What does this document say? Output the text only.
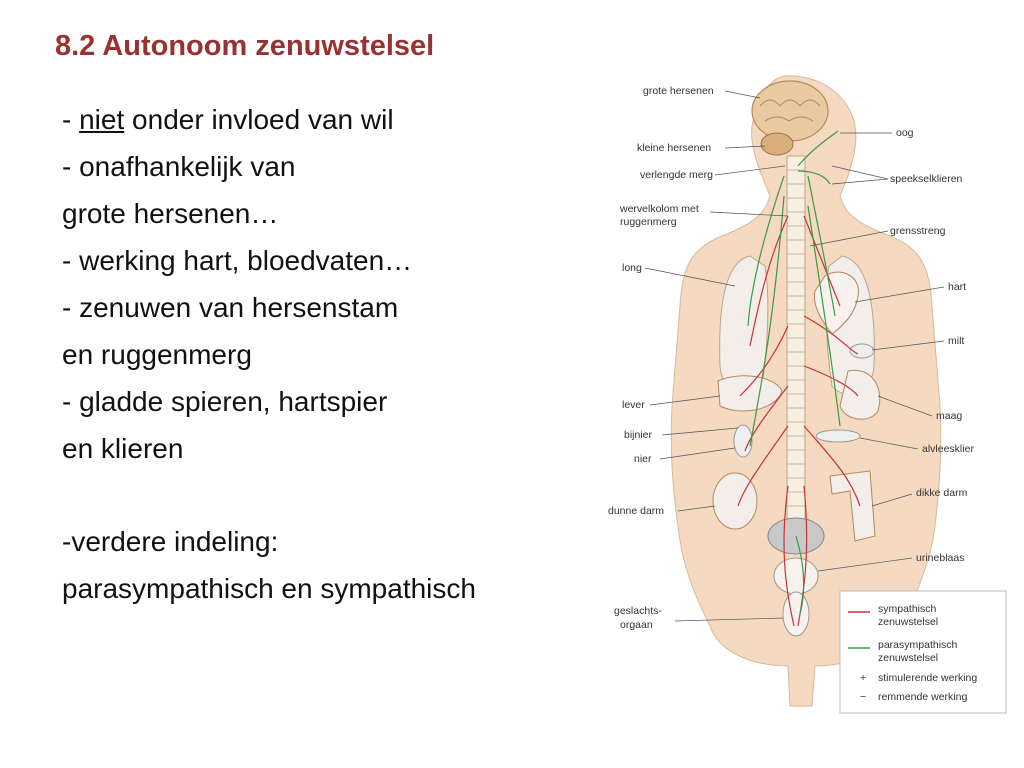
8.2 Autonoom zenuwstelsel
- niet onder invloed van wil
- onafhankelijk van
grote hersenen…
- werking hart, bloedvaten…
- zenuwen van hersenstam
en ruggenmerg
- gladde spieren, hartspier
en klieren
-verdere indeling:
parasympathisch en sympathisch
grote hersenen
kleine hersenen
verlengde merg
wervelkolom met
ruggenmerg
long
lever
bijnier
nier
dunne darm
geslachts-
orgaan
oog
speekselklieren
grensstreng
hart
milt
maag
alvleesklier
dikke darm
urineblaas
sympathisch
zenuwstelsel
parasympathisch
zenuwstelsel
+ stimulerende werking
− remmende werking
